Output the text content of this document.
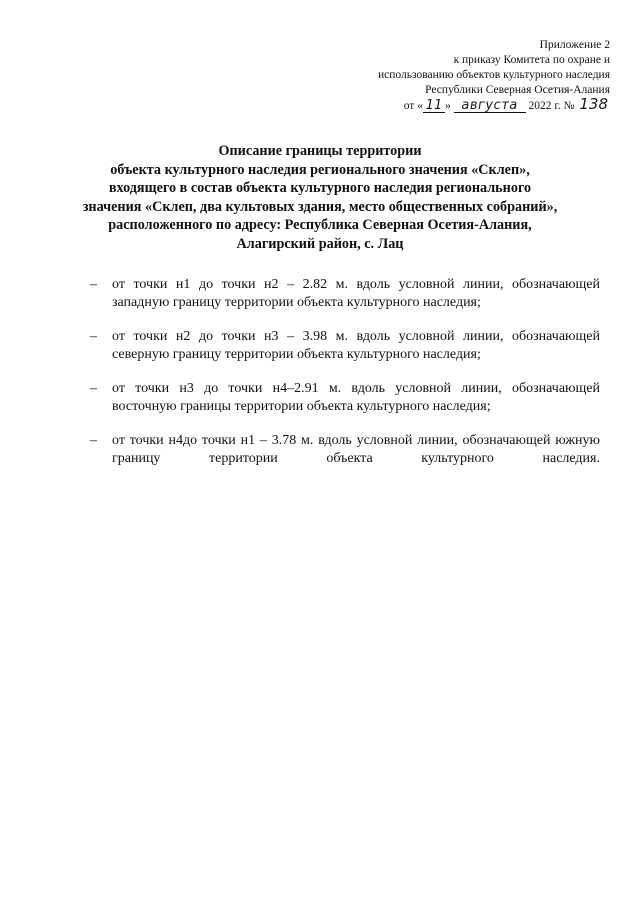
Приложение 2
к приказу Комитета по охране и
использованию объектов культурного наследия
Республики Северная Осетия-Алания
от « 11 » августа 2022 г. № 138
Описание границы территории
объекта культурного наследия регионального значения «Склеп»,
входящего в состав объекта культурного наследия регионального
значения «Склеп, два культовых здания, место общественных собраний»,
расположенного по адресу: Республика Северная Осетия-Алания,
Алагирский район, с. Лац
– от точки н1 до точки н2 – 2.82 м. вдоль условной линии, обозначающей западную границу территории объекта культурного наследия;
– от точки н2 до точки н3 – 3.98 м. вдоль условной линии, обозначающей северную границу территории объекта культурного наследия;
– от точки н3 до точки н4–2.91 м. вдоль условной линии, обозначающей восточную границы территории объекта культурного наследия;
– от точки н4до точки н1 – 3.78 м. вдоль условной линии, обозначающей южную границу территории объекта культурного наследия.
